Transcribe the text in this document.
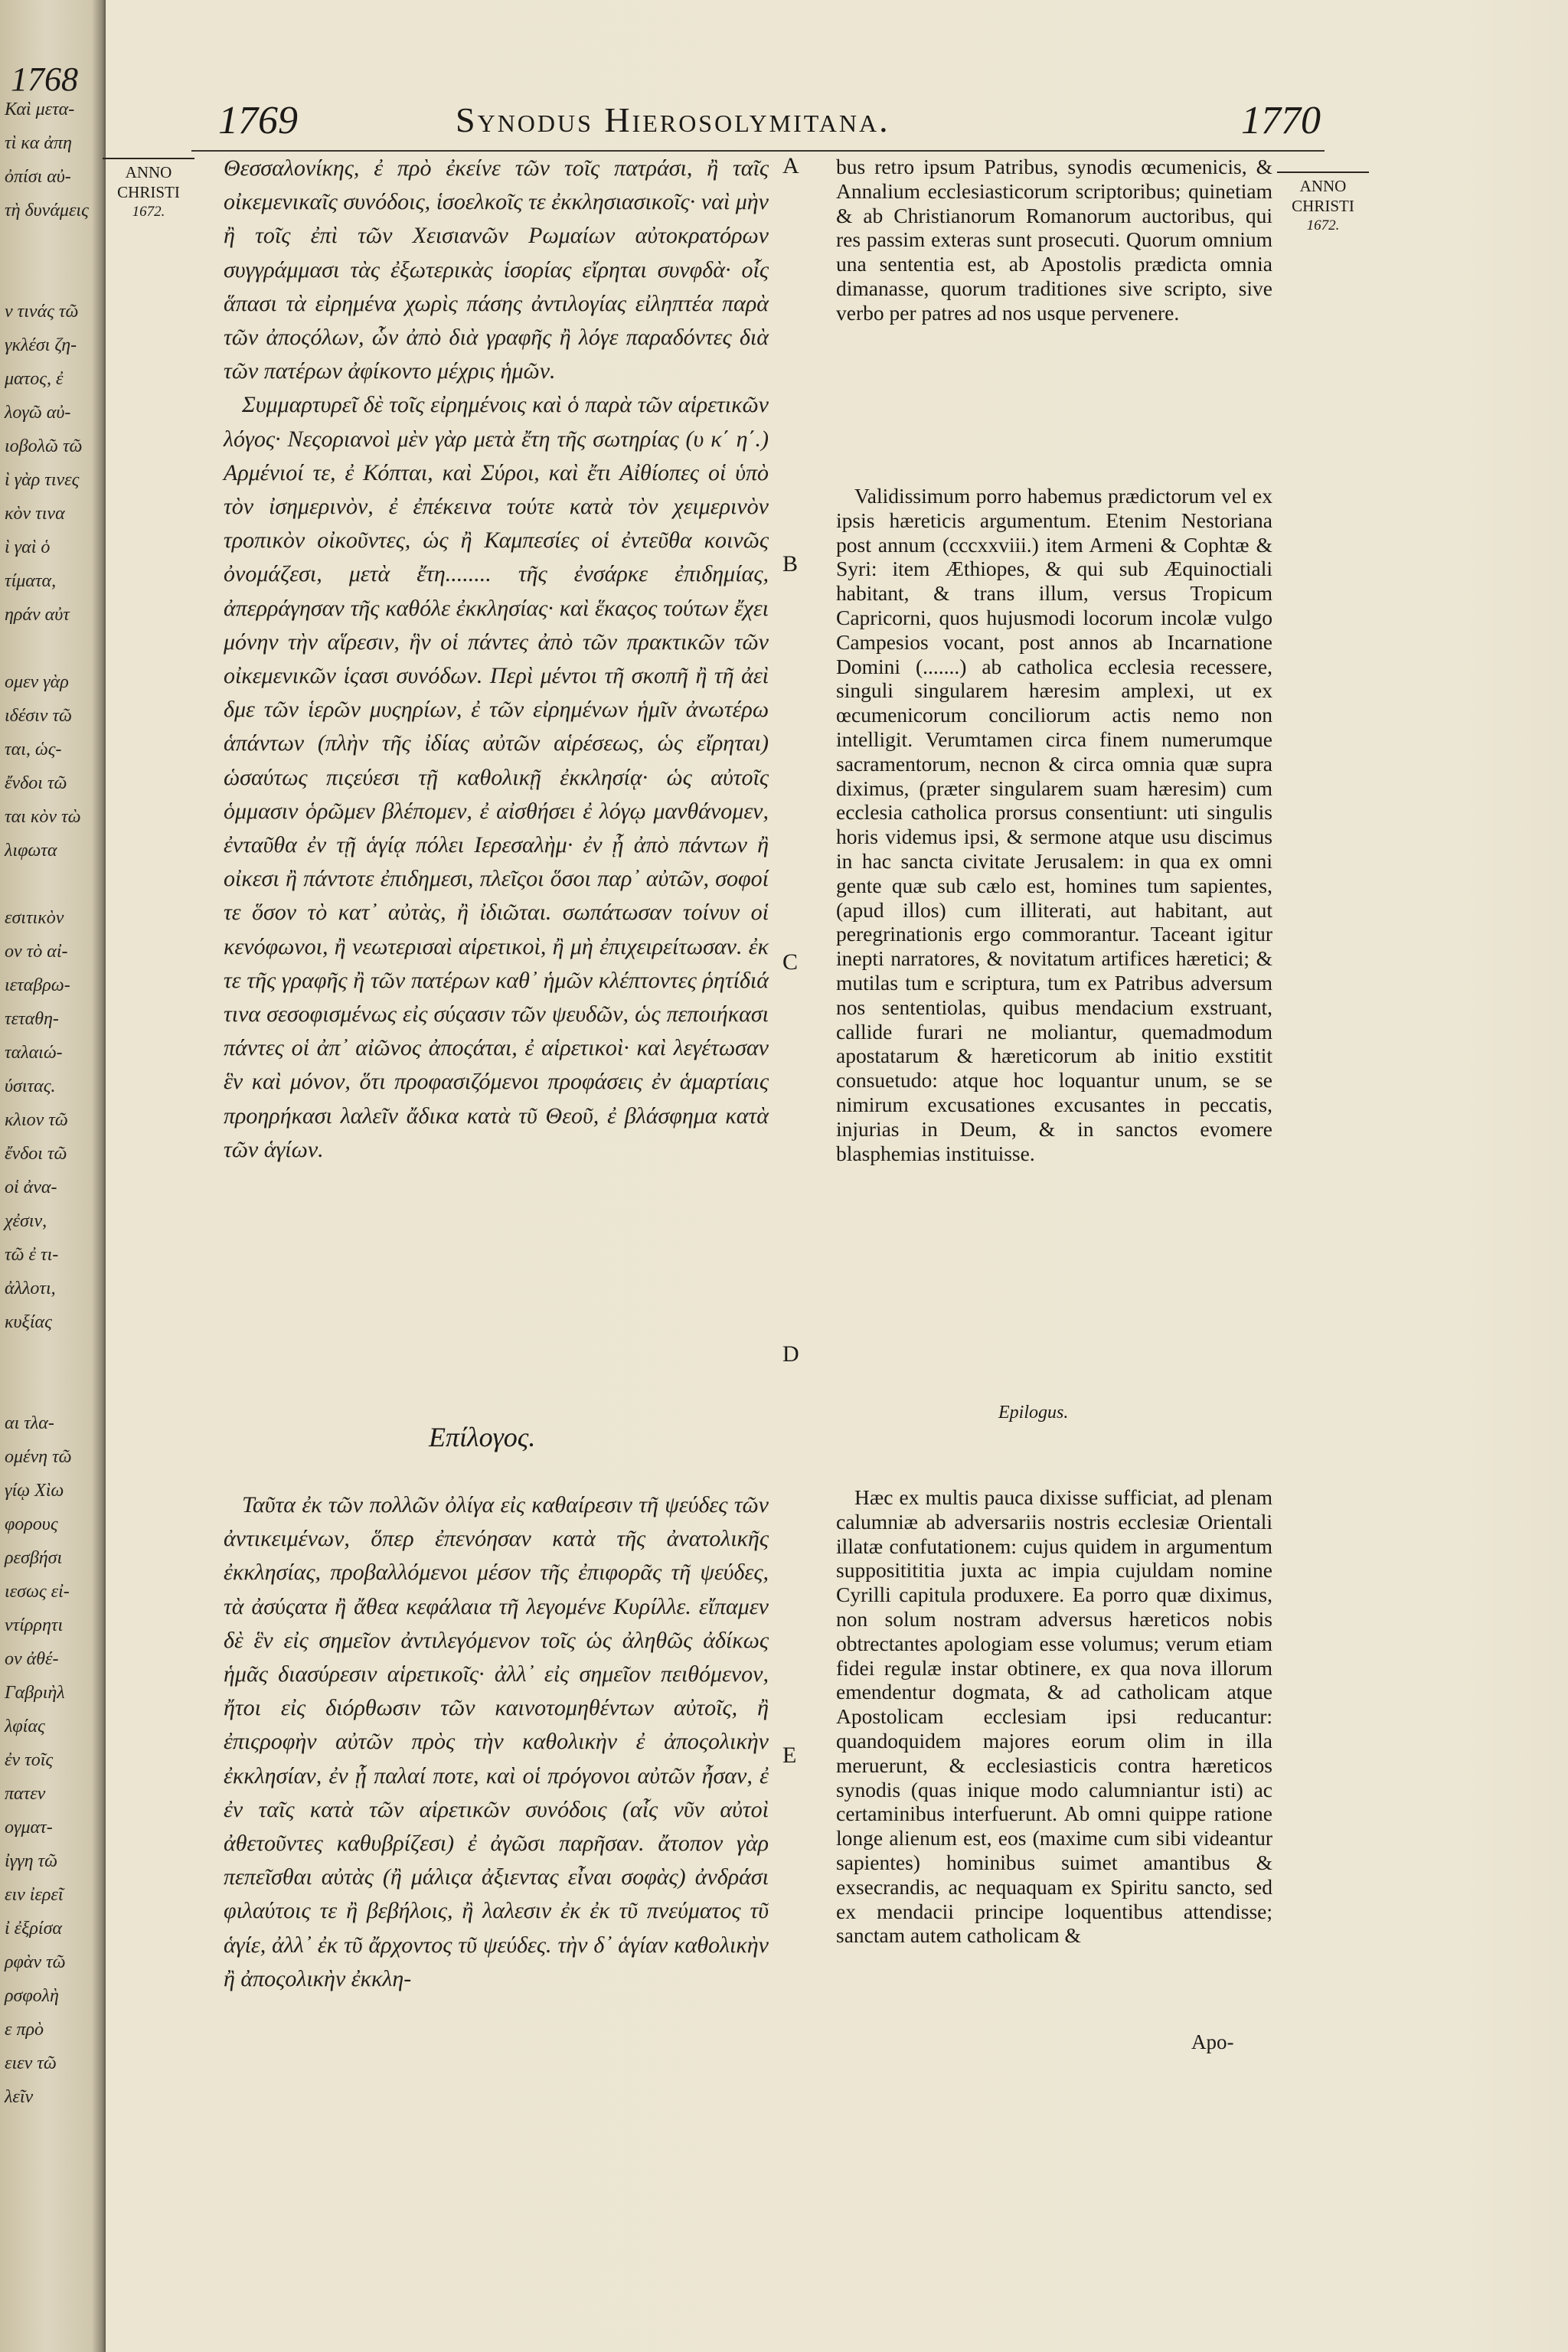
1768
Καὶ μετα-
τὶ κα ἀπη
ὀπίσι αὐ-
τὴ δυνάμεις
ν τινάς τῶ
γκλέσι ζη-
ματος, ἐ
λογῶ αὐ-
ιοβολῶ τῶ
ὶ γὰρ τινες
κὸν τινα
ὶ γαὶ ὁ
τίματα,
ηράν αὐτ
ομεν γὰρ
ιδέσιν τῶ
ται, ὡς-
ἔνδοι τῶ
ται κὸν τὼ
λιφωτα
εσιτικὸν
ον τὸ αἰ-
ιεταβρω-
τεταθη-
ταλαιώ-
ύσιτας.
κλιον τῶ
ἔνδοι τῶ
οἱ ἀνα-
χἐσιν,
τῶ ἐ τι-
ἀλλοτι,
κυξίας
αι τλα-
ομένη τῶ
γίῳ Χὶω
φορους
ρεσβήσι
ιεσως εἰ-
ντίρρητι
ον ἀθέ-
Γαβριὴλ
λφίας
ἐν τοῖς
πατεν
ογματ-
ἰγγη τῶ
ειν ἰερεῖ
ἰ ἐξρίσα
ρφὰν τῶ
ρσφολὴ
ε πρὸ
ειεν τῶ
λεῖν
1769	Synodus Hierosolymitana.	1770
ANNO
CHRISTI
1672.
ANNO
CHRISTI
1672.

Θεσσαλονίκης, ἐ πρὸ ἐκείνε τῶν τοῖς πατράσι, ἢ ταῖς οἰκεμενικαῖς συνόδοις, ἱσοελκοῖς τε ἐκκλησιασικοῖς· ναὶ μὴν ἢ τοῖς ἐπὶ τῶν Χεισιανῶν Ρωμαίων αὐτοκρατόρων συγγράμμασι τὰς ἐξωτερικὰς ἱσορίας εἴρηται συνφδὰ· οἷς ἅπασι τὰ εἰρημένα χωρὶς πάσης ἀντιλογίας εἰληπτέα παρὰ τῶν ἀποςόλων, ὧν ἀπὸ διὰ γραφῆς ἢ λόγε παραδόντες διὰ τῶν πατέρων ἀφίκοντο μέχρις ἡμῶν.

Συμμαρτυρεῖ δὲ τοῖς εἰρημένοις καὶ ὁ παρὰ τῶν αἱρετικῶν λόγος· Νεςοριανοὶ μὲν γὰρ μετὰ ἔτη τῆς σωτηρίας (υ κ΄ η΄.) Αρμένιοί τε, ἐ Κόπται, καὶ Σύροι, καὶ ἔτι Αἰθίοπες οἱ ὑπὸ τὸν ἰσημερινὸν, ἐ ἐπέκεινα τούτε κατὰ τὸν χειμερινὸν τροπικὸν οἰκοῦντες, ὡς ἢ Καμπεσίες οἱ ἐντεῦθα κοινῶς ὀνομάζεσι, μετὰ ἔτη........ τῆς ἐνσάρκε ἐπιδημίας, ἀπερράγησαν τῆς καθόλε ἐκκλησίας· καὶ ἕκαςος τούτων ἔχει μόνην τὴν αἵρεσιν, ἣν οἱ πάντες ἀπὸ τῶν πρακτικῶν τῶν οἰκεμενικῶν ἱςασι συνόδων. Περὶ μέντοι τῆ σκοπῆ ἢ τῆ ἀεὶ δμε τῶν ἱερῶν μυςηρίων, ἐ τῶν εἰρημένων ἡμῖν ἀνωτέρω ἁπάντων (πλὴν τῆς ἰδίας αὐτῶν αἱρέσεως, ὡς εἴρηται) ὡσαύτως πιςεύεσι τῇ καθολικῇ ἐκκλησίᾳ· ὡς αὐτοῖς ὁμμασιν ὁρῶμεν βλέπομεν, ἐ αἰσθήσει ἐ λόγῳ μανθάνομεν, ἐνταῦθα ἐν τῇ ἁγίᾳ πόλει Ιερεσαλὴμ· ἐν ᾗ ἀπὸ πάντων ἢ οἰκεσι ἢ πάντοτε ἐπιδημεσι, πλεῖςοι ὅσοι παρ᾽ αὐτῶν, σοφοί τε ὅσον τὸ κατ᾽ αὐτὰς, ἢ ἰδιῶται. σωπάτωσαν τοίνυν οἱ κενόφωνοι, ἢ νεωτερισαὶ αἱρετικοὶ, ἢ μὴ ἐπιχειρείτωσαν. ἐκ τε τῆς γραφῆς ἢ τῶν πατέρων καθ᾽ ἡμῶν κλέπτοντες ῥητίδιά τινα σεσοφισμένως εἰς σύςασιν τῶν ψευδῶν, ὡς πεποιήκασι πάντες οἱ ἀπ᾽ αἰῶνος ἀποςάται, ἐ αἱρετικοὶ· καὶ λεγέτωσαν ἓν καὶ μόνον, ὅτι προφασιζόμενοι προφάσεις ἐν ἁμαρτίαις προηρήκασι λαλεῖν ἄδικα κατὰ τῦ Θεοῦ, ἐ βλάσφημα κατὰ τῶν ἁγίων.

Επίλογος.

Ταῦτα ἐκ τῶν πολλῶν ὀλίγα εἰς καθαίρεσιν τῆ ψεύδες τῶν ἀντικειμένων, ὅπερ ἐπενόησαν κατὰ τῆς ἀνατολικῆς ἐκκλησίας, προβαλλόμενοι μέσον τῆς ἐπιφορᾶς τῆ ψεύδες, τὰ ἀσύςατα ἢ ἄθεα κεφάλαια τῆ λεγομένε Κυρίλλε. εἴπαμεν δὲ ἓν εἰς σημεῖον ἀντιλεγόμενον τοῖς ὡς ἀληθῶς ἀδίκως ἡμᾶς διασύρεσιν αἱρετικοῖς· ἀλλ᾽ εἰς σημεῖον πειθόμενον, ἤτοι εἰς διόρθωσιν τῶν καινοτομηθέντων αὐτοῖς, ἢ ἐπιςροφὴν αὐτῶν πρὸς τὴν καθολικὴν ἐ ἀποςολικὴν ἐκκλησίαν, ἐν ᾗ παλαί ποτε, καὶ οἱ πρόγονοι αὐτῶν ἦσαν, ἐ ἐν ταῖς κατὰ τῶν αἱρετικῶν συνόδοις (αἷς νῦν αὐτοὶ ἀθετοῦντες καθυβρίζεσι) ἐ ἀγῶσι παρῆσαν. ἄτοπον γὰρ πεπεῖσθαι αὐτὰς (ἢ μάλιςα ἀξιεντας εἶναι σοφὰς) ἀνδράσι φιλαύτοις τε ἢ βεβήλοις, ἢ λαλεσιν ἐκ ἐκ τῦ πνεύματος τῦ ἁγίε, ἀλλ᾽ ἐκ τῦ ἄρχοντος τῦ ψεύδες. τὴν δ᾽ ἁγίαν καθολικὴν ἢ ἀποςολικὴν ἐκκλη-

A
B
C
D
E

bus retro ipsum Patribus, synodis œcumenicis, & Annalium ecclesiasticorum scriptoribus; quinetiam & ab Christianorum Romanorum auctoribus, qui res passim exteras sunt prosecuti. Quorum omnium una sententia est, ab Apostolis prædicta omnia dimanasse, quorum traditiones sive scripto, sive verbo per patres ad nos usque pervenere.

Validissimum porro habemus prædictorum vel ex ipsis hæreticis argumentum. Etenim Nestoriana post annum (cccxxviii.) item Armeni & Cophtæ & Syri: item Æthiopes, & qui sub Æquinoctiali habitant, & trans illum, versus Tropicum Capricorni, quos hujusmodi locorum incolæ vulgo Campesios vocant, post annos ab Incarnatione Domini (.......) ab catholica ecclesia recessere, singuli singularem hæresim amplexi, ut ex œcumenicorum conciliorum actis nemo non intelligit. Verumtamen circa finem numerumque sacramentorum, necnon & circa omnia quæ supra diximus, (præter singularem suam hæresim) cum ecclesia catholica prorsus consentiunt: uti singulis horis videmus ipsi, & sermone atque usu discimus in hac sancta civitate Jerusalem: in qua ex omni gente quæ sub cælo est, homines tum sapientes, (apud illos) cum illiterati, aut habitant, aut peregrinationis ergo commorantur. Taceant igitur inepti narratores, & novitatum artifices hæretici; & mutilas tum e scriptura, tum ex Patribus adversum nos sententiolas, quibus mendacium exstruant, callide furari ne moliantur, quemadmodum apostatarum & hæreticorum ab initio exstitit consuetudo: atque hoc loquantur unum, se se nimirum excusationes excusantes in peccatis, injurias in Deum, & in sanctos evomere blasphemias instituisse.

Epilogus.

Hæc ex multis pauca dixisse sufficiat, ad plenam calumniæ ab adversariis nostris ecclesiæ Orientali illatæ confutationem: cujus quidem in argumentum suppositititia juxta ac impia cujuldam nomine Cyrilli capitula produxere. Ea porro quæ diximus, non solum nostram adversus hæreticos nobis obtrectantes apologiam esse volumus; verum etiam fidei regulæ instar obtinere, ex qua nova illorum emendentur dogmata, & ad catholicam atque Apostolicam ecclesiam ipsi reducantur: quandoquidem majores eorum olim in illa meruerunt, & ecclesiasticis contra hæreticos synodis (quas inique modo calumniantur isti) ac certaminibus interfuerunt. Ab omni quippe ratione longe alienum est, eos (maxime cum sibi videantur sapientes) hominibus suimet amantibus & exsecrandis, ac nequaquam ex Spiritu sancto, sed ex mendacii principe loquentibus attendisse; sanctam autem catholicam &

Apo-
